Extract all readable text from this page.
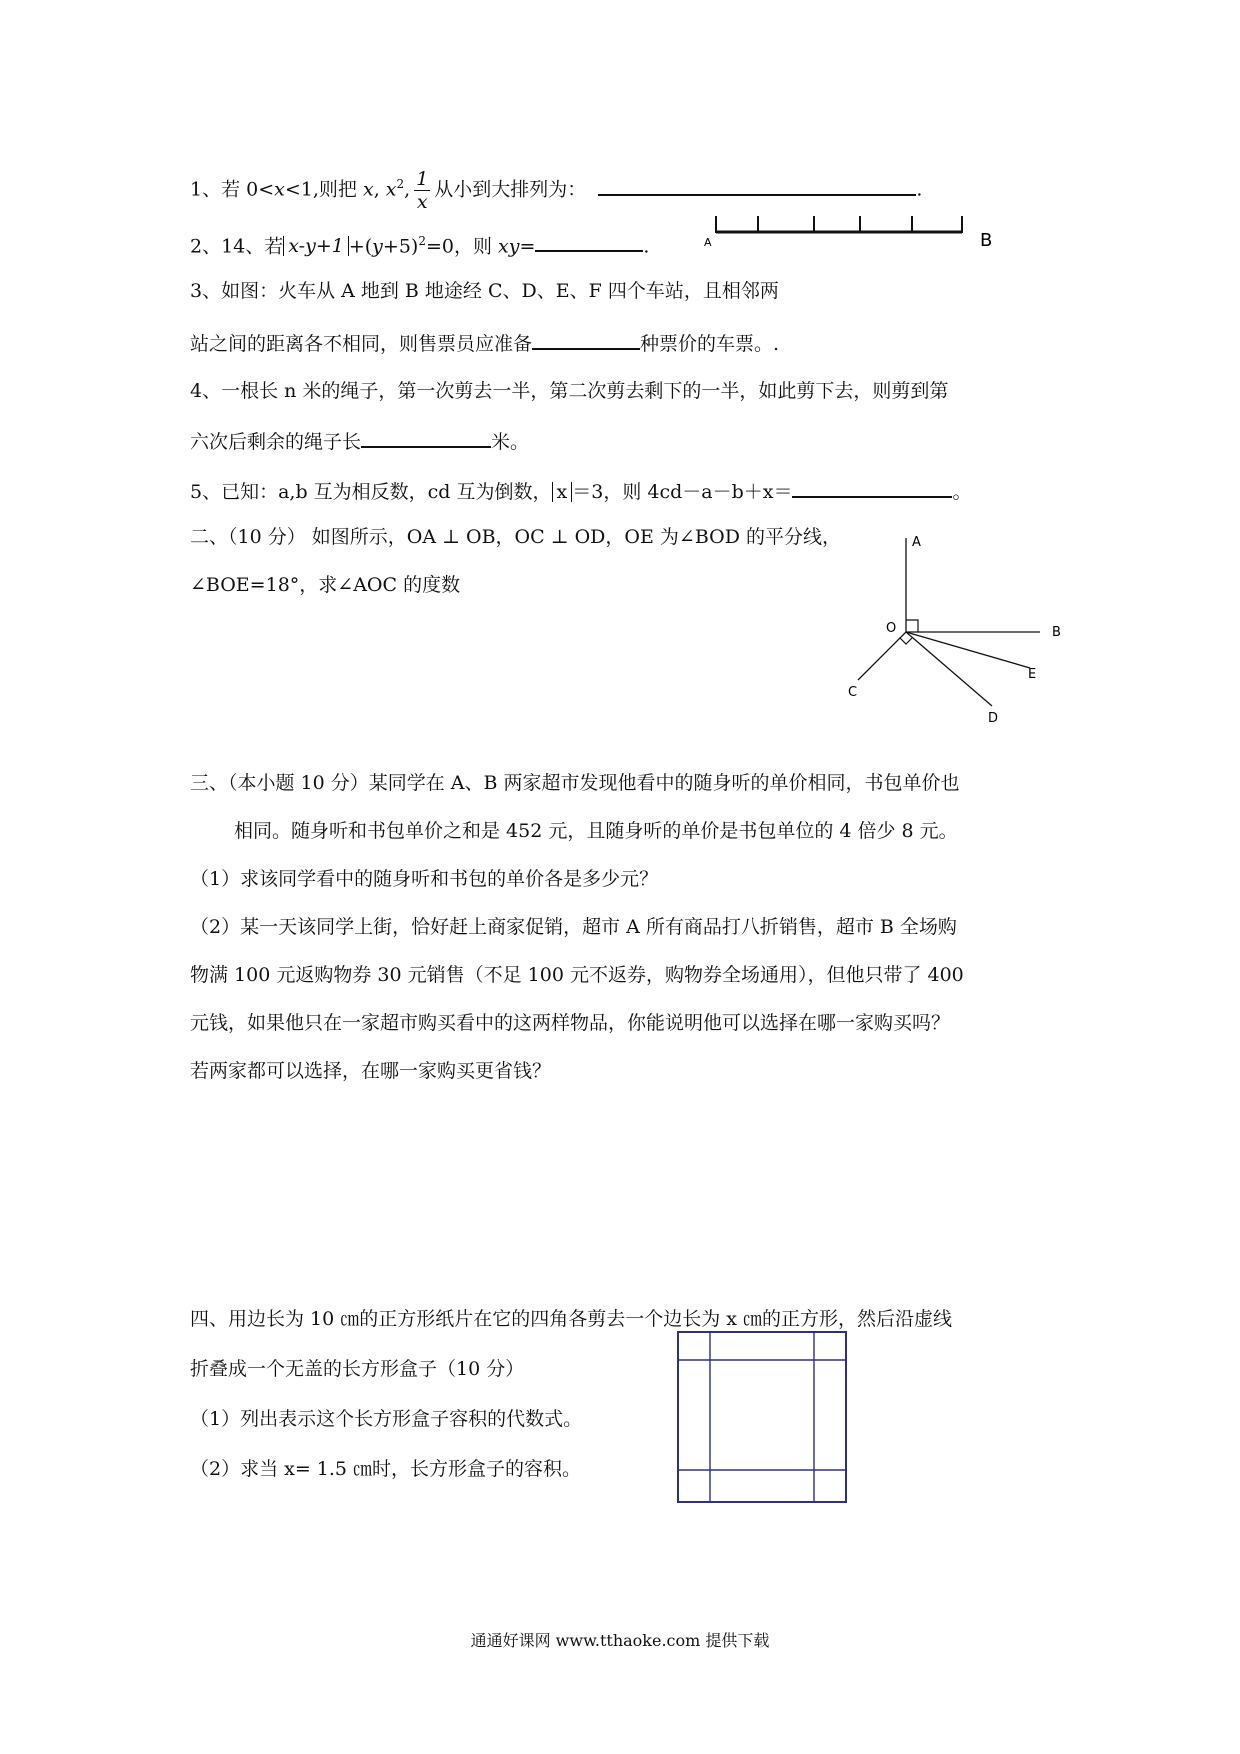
1、若 0<x<1,则把 x, $x^2$, $\frac{1}{x}$ 从小到大排列为：	.
2、14、若 $x-y+1 +(y+5)^2=0$，则 xy=	.	A	B
3、如图：火车从 A 地到 B 地途经 C、D、E、F 四个车站，且相邻两
站之间的距离各不相同，则售票员应准备	种票价的车票。.
4、一根长 n 米的绳子，第一次剪去一半，第二次剪去剩下的一半，如此剪下去，则剪到第
六次后剩余的绳子长	米。
5、已知：a,b 互为相反数，cd 互为倒数， x ＝3，则 4cd－a－b＋x＝	。
二、（10 分） 如图所示，OA ⊥ OB，OC ⊥ OD，OE 为∠BOD 的平分线，
∠BOE=18°，求∠AOC 的度数
A
B
O
E
C
D
三、（本小题 10 分）某同学在 A、B 两家超市发现他看中的随身听的单价相同，书包单价也
相同。随身听和书包单价之和是 452 元，且随身听的单价是书包单位的 4 倍少 8 元。
（1）求该同学看中的随身听和书包的单价各是多少元？
（2）某一天该同学上街，恰好赶上商家促销，超市 A 所有商品打八折销售，超市 B 全场购
物满 100 元返购物券 30 元销售（不足 100 元不返券，购物券全场通用），但他只带了 400
元钱，如果他只在一家超市购买看中的这两样物品，你能说明他可以选择在哪一家购买吗？
若两家都可以选择，在哪一家购买更省钱？
四、用边长为 10 ㎝的正方形纸片在它的四角各剪去一个边长为 x ㎝的正方形，然后沿虚线
折叠成一个无盖的长方形盒子（10 分）
（1）列出表示这个长方形盒子容积的代数式。
（2）求当 x= 1.5 ㎝时，长方形盒子的容积。
通通好课网 www.tthaoke.com 提供下载
